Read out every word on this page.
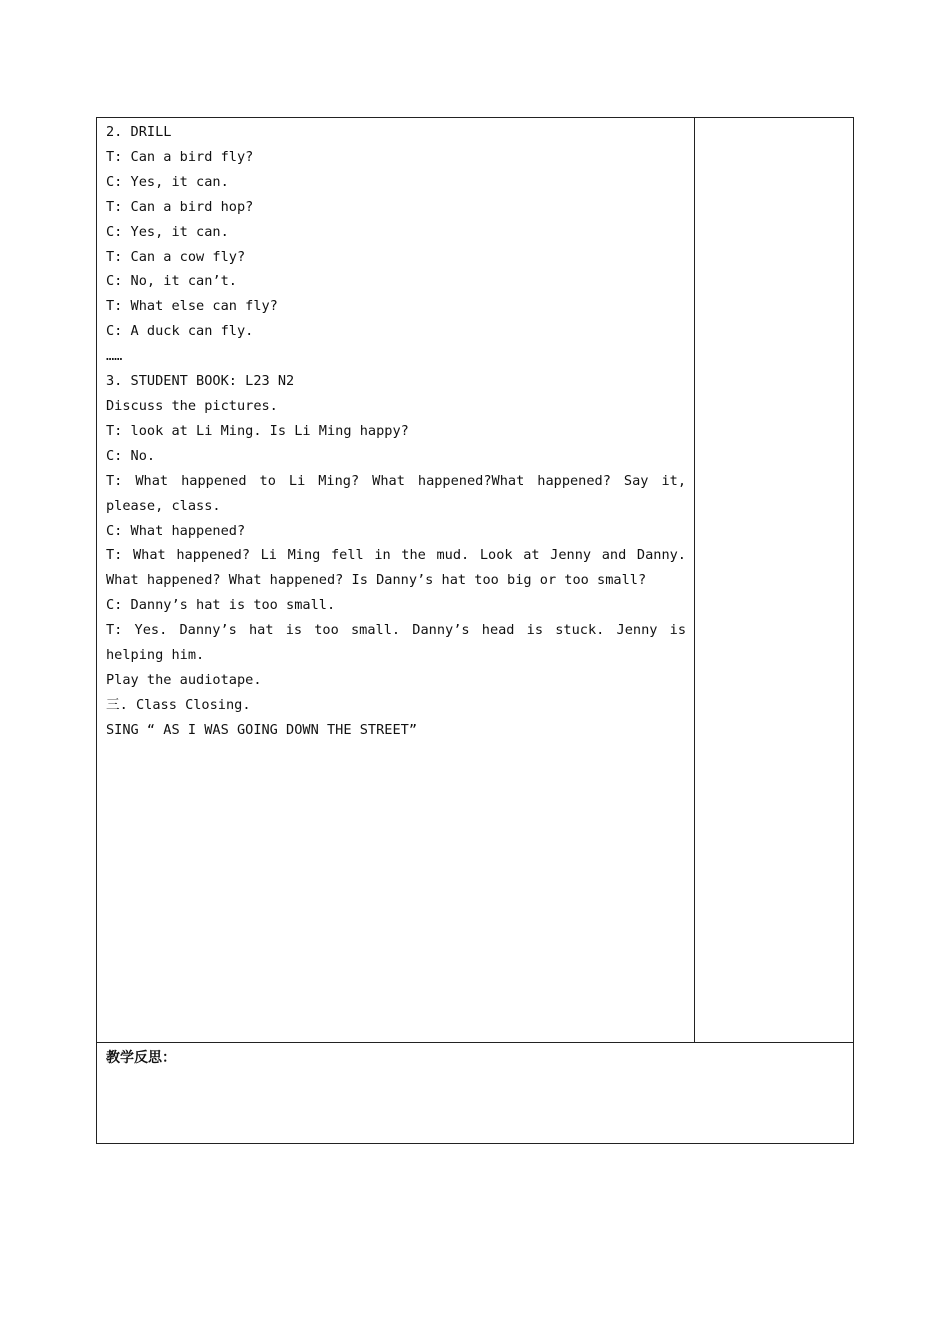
2. DRILL

T: Can a bird fly?

C: Yes, it can.

T: Can a bird hop?

C: Yes, it can.

T: Can a cow fly?

C: No, it can’t.

T: What else can fly?

C: A duck can fly.

……

3. STUDENT BOOK: L23 N2

Discuss the pictures.

T: look at Li Ming. Is Li Ming happy?

C: No.

T: What happened to Li Ming? What happened?What happened? Say it,

please, class.

C: What happened?

T: What happened? Li Ming fell in the mud. Look at Jenny and Danny.

What happened? What happened? Is Danny’s hat too big or too small?

C: Danny’s hat is too small.

T: Yes. Danny’s hat is too small. Danny’s head is stuck. Jenny is

helping him.

Play the audiotape.

三. Class Closing.

SING “ AS I WAS GOING DOWN THE STREET”

教学反思：
